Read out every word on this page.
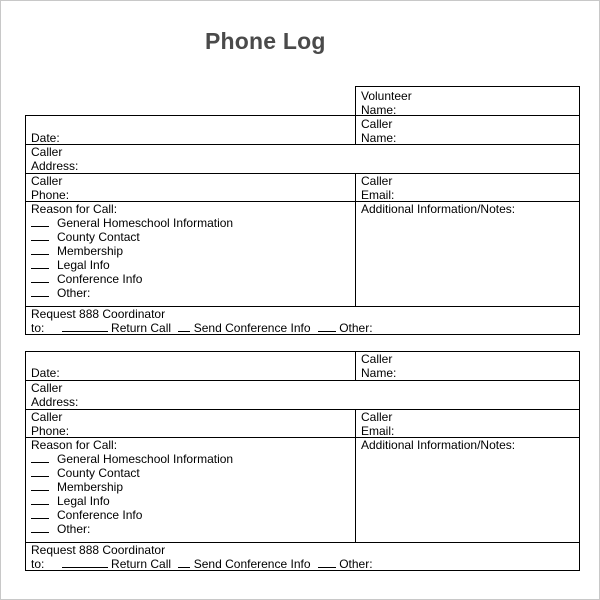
Phone Log
Volunteer
Name:
Date:
Caller
Name:
Caller
Address:
Caller
Phone:
Caller
Email:
Reason for Call:
General Homeschool Information
County Contact
Membership
Legal Info
Conference Info
Other:
Additional Information/Notes:
Request 888 Coordinator
to:	Return Call Send Conference Info Other:
Date:
Caller
Name:
Caller
Address:
Caller
Phone:
Caller
Email:
Reason for Call:
General Homeschool Information
County Contact
Membership
Legal Info
Conference Info
Other:
Additional Information/Notes:
Request 888 Coordinator
to:	Return Call Send Conference Info Other:
